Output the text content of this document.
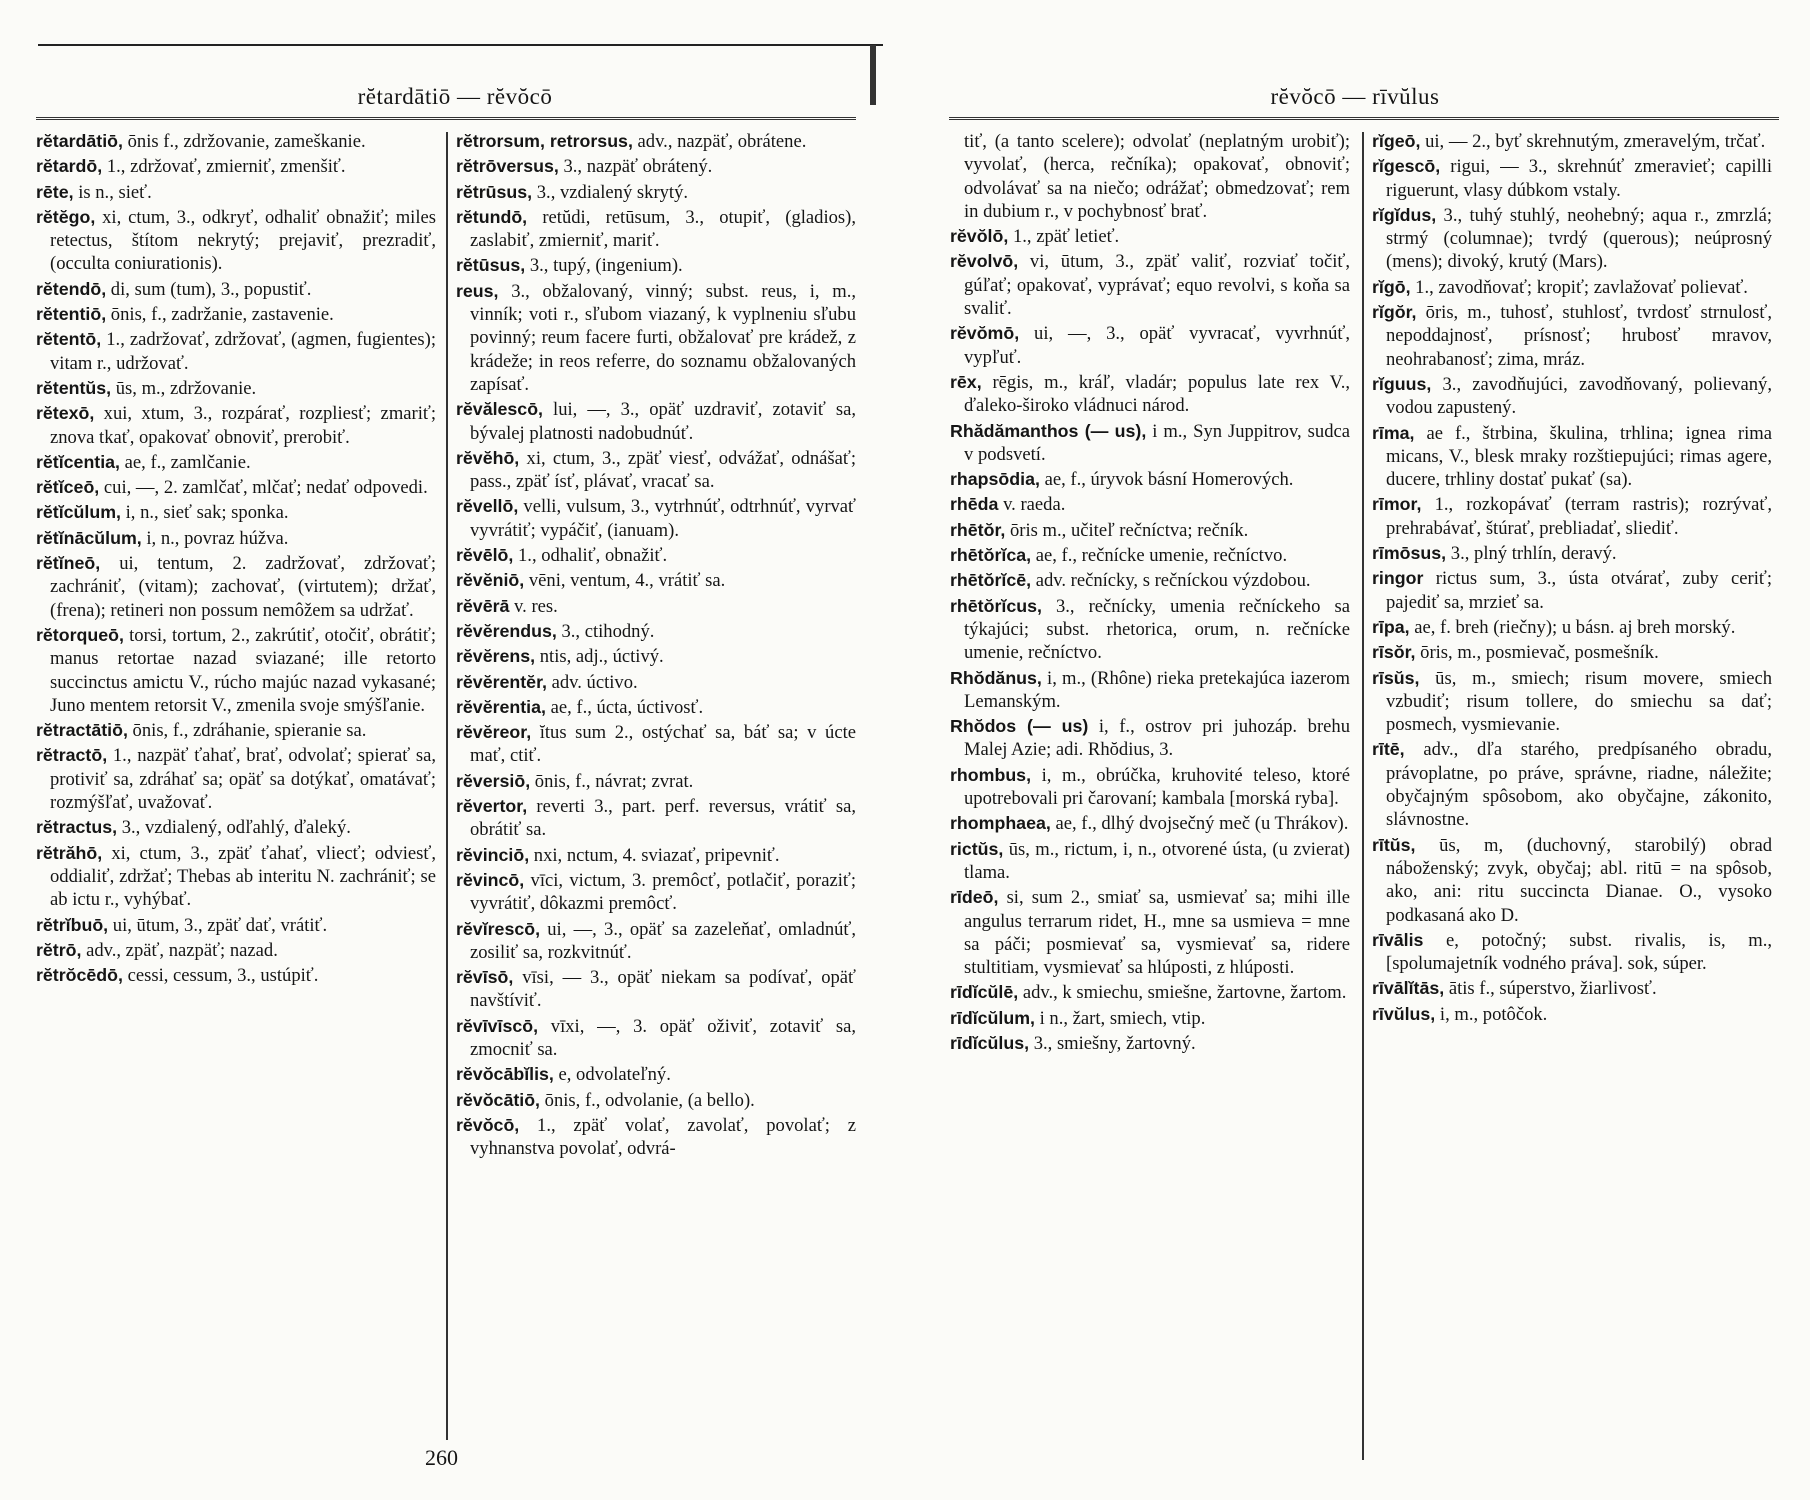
rĕtardātiō — rĕvŏcō

rĕtardātiō, ōnis f., zdržovanie, zameškanie.

rĕtardō, 1., zdržovať, zmierniť, zmenšiť.

rēte, is n., sieť.

rĕtĕgo, xi, ctum, 3., odkryť, odhaliť obnažiť; miles retectus, štítom nekrytý; prejaviť, prezradiť, (occulta coniurationis).

rĕtendō, di, sum (tum), 3., popustiť.

rĕtentiō, ōnis, f., zadržanie, zastavenie.

rĕtentō, 1., zadržovať, zdržovať, (agmen, fugientes); vitam r., udržovať.

rĕtentŭs, ūs, m., zdržovanie.

rĕtexō, xui, xtum, 3., rozpárať, rozpliesť; zmariť; znova tkať, opakovať obnoviť, prerobiť.

rĕtĭcentia, ae, f., zamlčanie.

rĕtĭceō, cui, —, 2. zamlčať, mlčať; nedať odpovedi.

rĕtĭcŭlum, i, n., sieť sak; sponka.

rĕtĭnācŭlum, i, n., povraz húžva.

rĕtĭneō, ui, tentum, 2. zadržovať, zdržovať; zachrániť, (vitam); zachovať, (virtutem); držať, (frena); retineri non possum nemôžem sa udržať.

rĕtorqueō, torsi, tortum, 2., zakrútiť, otočiť, obrátiť; manus retortae nazad sviazané; illе retorto succinctus amictu V., rúcho majúc nazad vykasané; Juno mentem retorsit V., zmenila svoje smýšľanie.

rĕtractātiō, ōnis, f., zdráhanie, spieranie sa.

rĕtractō, 1., nazpäť ťahať, brať, odvolať; spierať sa, protiviť sa, zdráhať sa; opäť sa dotýkať, omatávať; rozmýšľať, uvažovať.

rĕtractus, 3., vzdialený, odľahlý, ďaleký.

rĕtrăhō, xi, ctum, 3., zpäť ťahať, vliecť; odviesť, oddialiť, zdržať; Thebas ab interitu N. zachrániť; se ab ictu r., vyhýbať.

rĕtrĭbuō, ui, ūtum, 3., zpäť dať, vrátiť.

rĕtrō, adv., zpäť, nazpäť; nazad.

rĕtrŏcēdō, cessi, cessum, 3., ustúpiť.

rĕtrorsum, retrorsus, adv., nazpäť, obrátene.

rĕtrōversus, 3., nazpäť obrátený.

rĕtrūsus, 3., vzdialený skrytý.

rĕtundō, retŭdi, retūsum, 3., otupiť, (gladios), zaslabiť, zmierniť, mariť.

rĕtūsus, 3., tupý, (ingenium).

reus, 3., obžalovaný, vinný; subst. reus, i, m., vinník; voti r., sľubom viazaný, k vyplneniu sľubu povinný; reum facere furti, obžalovať pre krádež, z krádeže; in reos referre, do soznamu obžalovaných zapísať.

rĕvălescō, lui, —, 3., opäť uzdraviť, zotaviť sa, bývalej platnosti nadobudnúť.

rĕvĕhō, xi, ctum, 3., zpäť viesť, odvážať, odnášať; pass., zpäť ísť, plávať, vracať sa.

rĕvellō, velli, vulsum, 3., vytrhnúť, odtrhnúť, vyrvať vyvrátiť; vypáčiť, (ianuam).

rĕvēlō, 1., odhaliť, obnažiť.

rĕvĕniō, vēni, ventum, 4., vrátiť sa.

rĕvērā v. res.

rĕvĕrendus, 3., ctihodný.

rĕvĕrens, ntis, adj., úctivý.

rĕvĕrentĕr, adv. úctivo.

rĕvĕrentia, ae, f., úcta, úctivosť.

rĕvĕreor, ĭtus sum 2., ostýchať sa, báť sa; v úcte mať, ctiť.

rĕversiō, ōnis, f., návrat; zvrat.

rĕvertor, reverti 3., part. perf. reversus, vrátiť sa, obrátiť sa.

rĕvinciō, nxi, nctum, 4. sviazať, pripevniť.

rĕvincō, vīci, victum, 3. premôcť, potlačiť, poraziť; vyvrátiť, dôkazmi premôcť.

rĕvĭrescō, ui, —, 3., opäť sa zazeleňať, omladnúť, zosiliť sa, rozkvitnúť.

rĕvīsō, vīsi, — 3., opäť niekam sa podívať, opäť navštíviť.

rĕvīvīscō, vīxi, —, 3. opäť oživiť, zotaviť sa, zmocniť sa.

rĕvŏcābĭlis, e, odvolateľný.

rĕvŏcātiō, ōnis, f., odvolanie, (a bello).

rĕvŏcō, 1., zpäť volať, zavolať, povolať; z vyhnanstva povolať, odvrá-

260
rĕvŏcō — rīvŭlus

tiť, (a tanto scelere); odvolať (neplatným urobiť); vyvolať, (herca, rečníka); opakovať, obnoviť; odvolávať sa na niečo; odrážať; obmedzovať; rem in dubium r., v pochybnosť brať.

rĕvŏlō, 1., zpäť letieť.

rĕvolvō, vi, ūtum, 3., zpäť valiť, rozviať točiť, gúľať; opakovať, vyprávať; equo revolvi, s koňa sa svaliť.

rĕvŏmō, ui, —, 3., opäť vyvracať, vyvrhnúť, vypľuť.

rēx, rēgis, m., kráľ, vladár; populus late rex V., ďaleko-široko vládnuci národ.

Rhădămanthos (— us), i m., Syn Juppitrov, sudca v podsvetí.

rhapsōdia, ae, f., úryvok básní Homerových.

rhēda v. raeda.

rhētŏr, ōris m., učiteľ rečníctva; rečník.

rhētŏrĭca, ae, f., rečnícke umenie, rečníctvo.

rhētŏrĭcē, adv. rečnícky, s rečníckou výzdobou.

rhētŏrĭcus, 3., rečnícky, umenia rečníckeho sa týkajúci; subst. rhetorica, orum, n. rečnícke umenie, rečníctvo.

Rhŏdănus, i, m., (Rhône) rieka pretekajúca iazerom Lemanským.

Rhŏdos (— us) i, f., ostrov pri juhozáp. brehu Malej Azie; adi. Rhŏdius, 3.

rhombus, i, m., obrúčka, kruhovité teleso, ktoré upotrebovali pri čarovaní; kambala [morská ryba].

rhomphaea, ae, f., dlhý dvojsečný meč (u Thrákov).

rictŭs, ūs, m., rictum, i, n., otvorené ústa, (u zvierat) tlama.

rīdeō, si, sum 2., smiať sa, usmievať sa; mihi ille angulus terrarum ridet, H., mne sa usmieva = mne sa páči; posmievať sa, vysmievať sa, ridere stultitiam, vysmievať sa hlúposti, z hlúposti.

rīdĭcŭlē, adv., k smiechu, smiešne, žartovne, žartom.

rīdĭcŭlum, i n., žart, smiech, vtip.

rīdĭcŭlus, 3., smiešny, žartovný.

rĭgeō, ui, — 2., byť skrehnutým, zmeravelým, trčať.

rĭgescō, rigui, — 3., skrehnúť zmeravieť; capilli riguerunt, vlasy dúbkom vstaly.

rĭgĭdus, 3., tuhý stuhlý, neohebný; aqua r., zmrzlá; strmý (columnae); tvrdý (querous); neúprosný (mens); divoký, krutý (Mars).

rĭgō, 1., zavodňovať; kropiť; zavlažovať polievať.

rĭgŏr, ōris, m., tuhosť, stuhlosť, tvrdosť strnulosť, nepoddajnosť, prísnosť; hrubosť mravov, neohrabanosť; zima, mráz.

rĭguus, 3., zavodňujúci, zavodňovaný, polievaný, vodou zapustený.

rīma, ae f., štrbina, škulina, trhlina; ignea rima micans, V., blesk mraky rozštiepujúci; rimas agere, ducere, trhliny dostať pukať (sa).

rīmor, 1., rozkopávať (terram rastris); rozrývať, prehrabávať, štúrať, prebliadať, sliediť.

rīmōsus, 3., plný trhlín, deravý.

ringor rictus sum, 3., ústa otvárať, zuby ceriť; pajediť sa, mrzieť sa.

rīpa, ae, f. breh (riečny); u básn. aj breh morský.

rīsŏr, ōris, m., posmievač, posmešník.

rīsŭs, ūs, m., smiech; risum movere, smiech vzbudiť; risum tollere, do smiechu sa dať; posmech, vysmievanie.

rītē, adv., dľa starého, predpísaného obradu, právoplatne, po práve, správne, riadne, náležite; obyčajným spôsobom, ako obyčajne, zákonito, slávnostne.

rītŭs, ūs, m, (duchovný, starobilý) obrad náboženský; zvyk, obyčaj; abl. ritū = na spôsob, ako, ani: ritu succincta Dianae. O., vysoko podkasaná ako D.

rīvālis e, potočný; subst. rivalis, is, m., [spolumajetník vodného práva]. sok, súper.

rīvālĭtās, ātis f., súperstvo, žiarlivosť.

rīvŭlus, i, m., potôčok.
